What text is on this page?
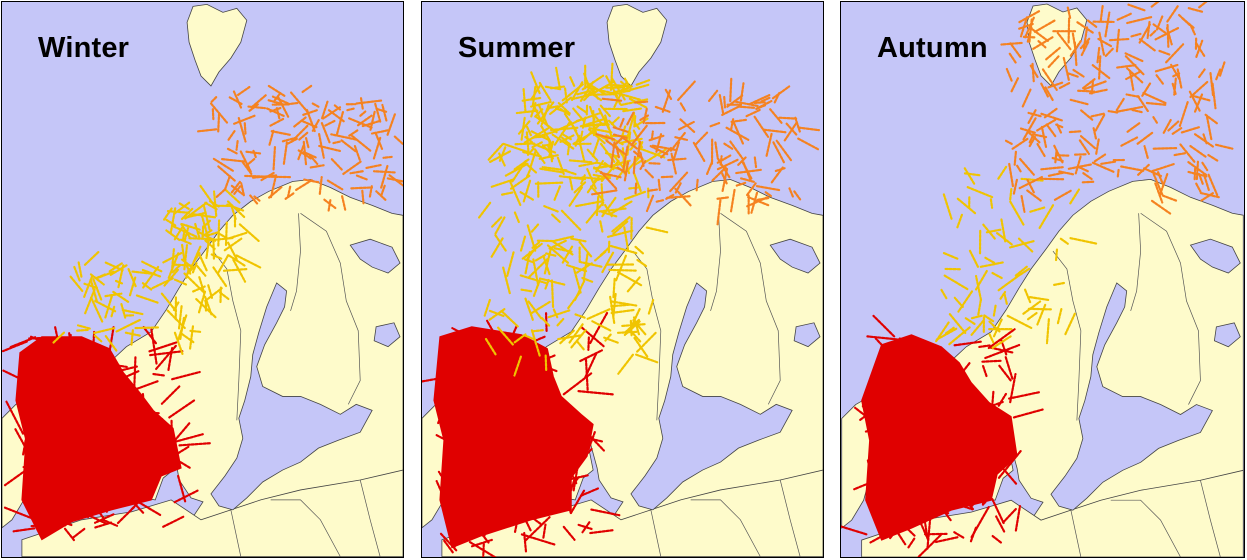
Winter	Summer	Autumn
